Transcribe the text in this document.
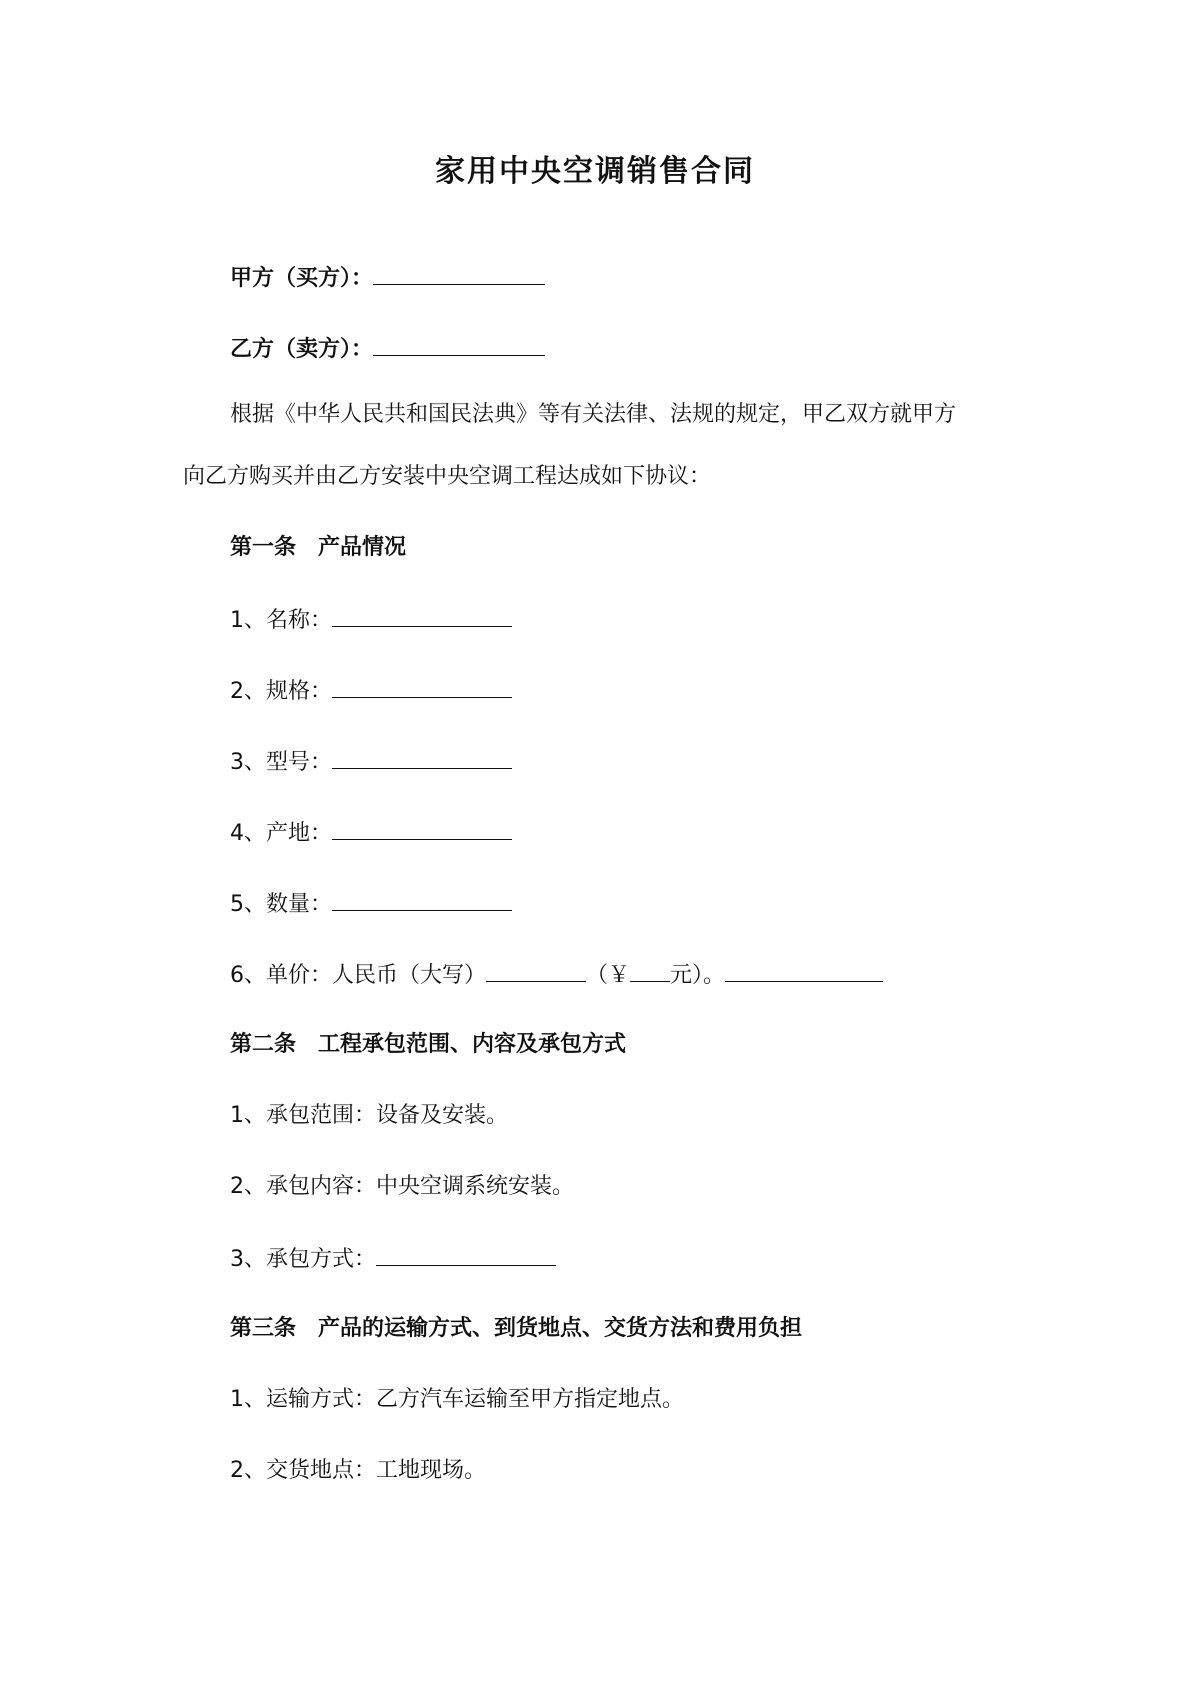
家用中央空调销售合同
甲方（买方）：
乙方（卖方）：
根据《中华人民共和国民法典》等有关法律、法规的规定，甲乙双方就甲方
向乙方购买并由乙方安装中央空调工程达成如下协议：
第一条 产品情况
1、名称：
2、规格：
3、型号：
4、产地：
5、数量：
6、单价：人民币（大写）	（￥ 元）。
第二条 工程承包范围、内容及承包方式
1、承包范围：设备及安装。
2、承包内容：中央空调系统安装。
3、承包方式：
第三条 产品的运输方式、到货地点、交货方法和费用负担
1、运输方式：乙方汽车运输至甲方指定地点。
2、交货地点：工地现场。
